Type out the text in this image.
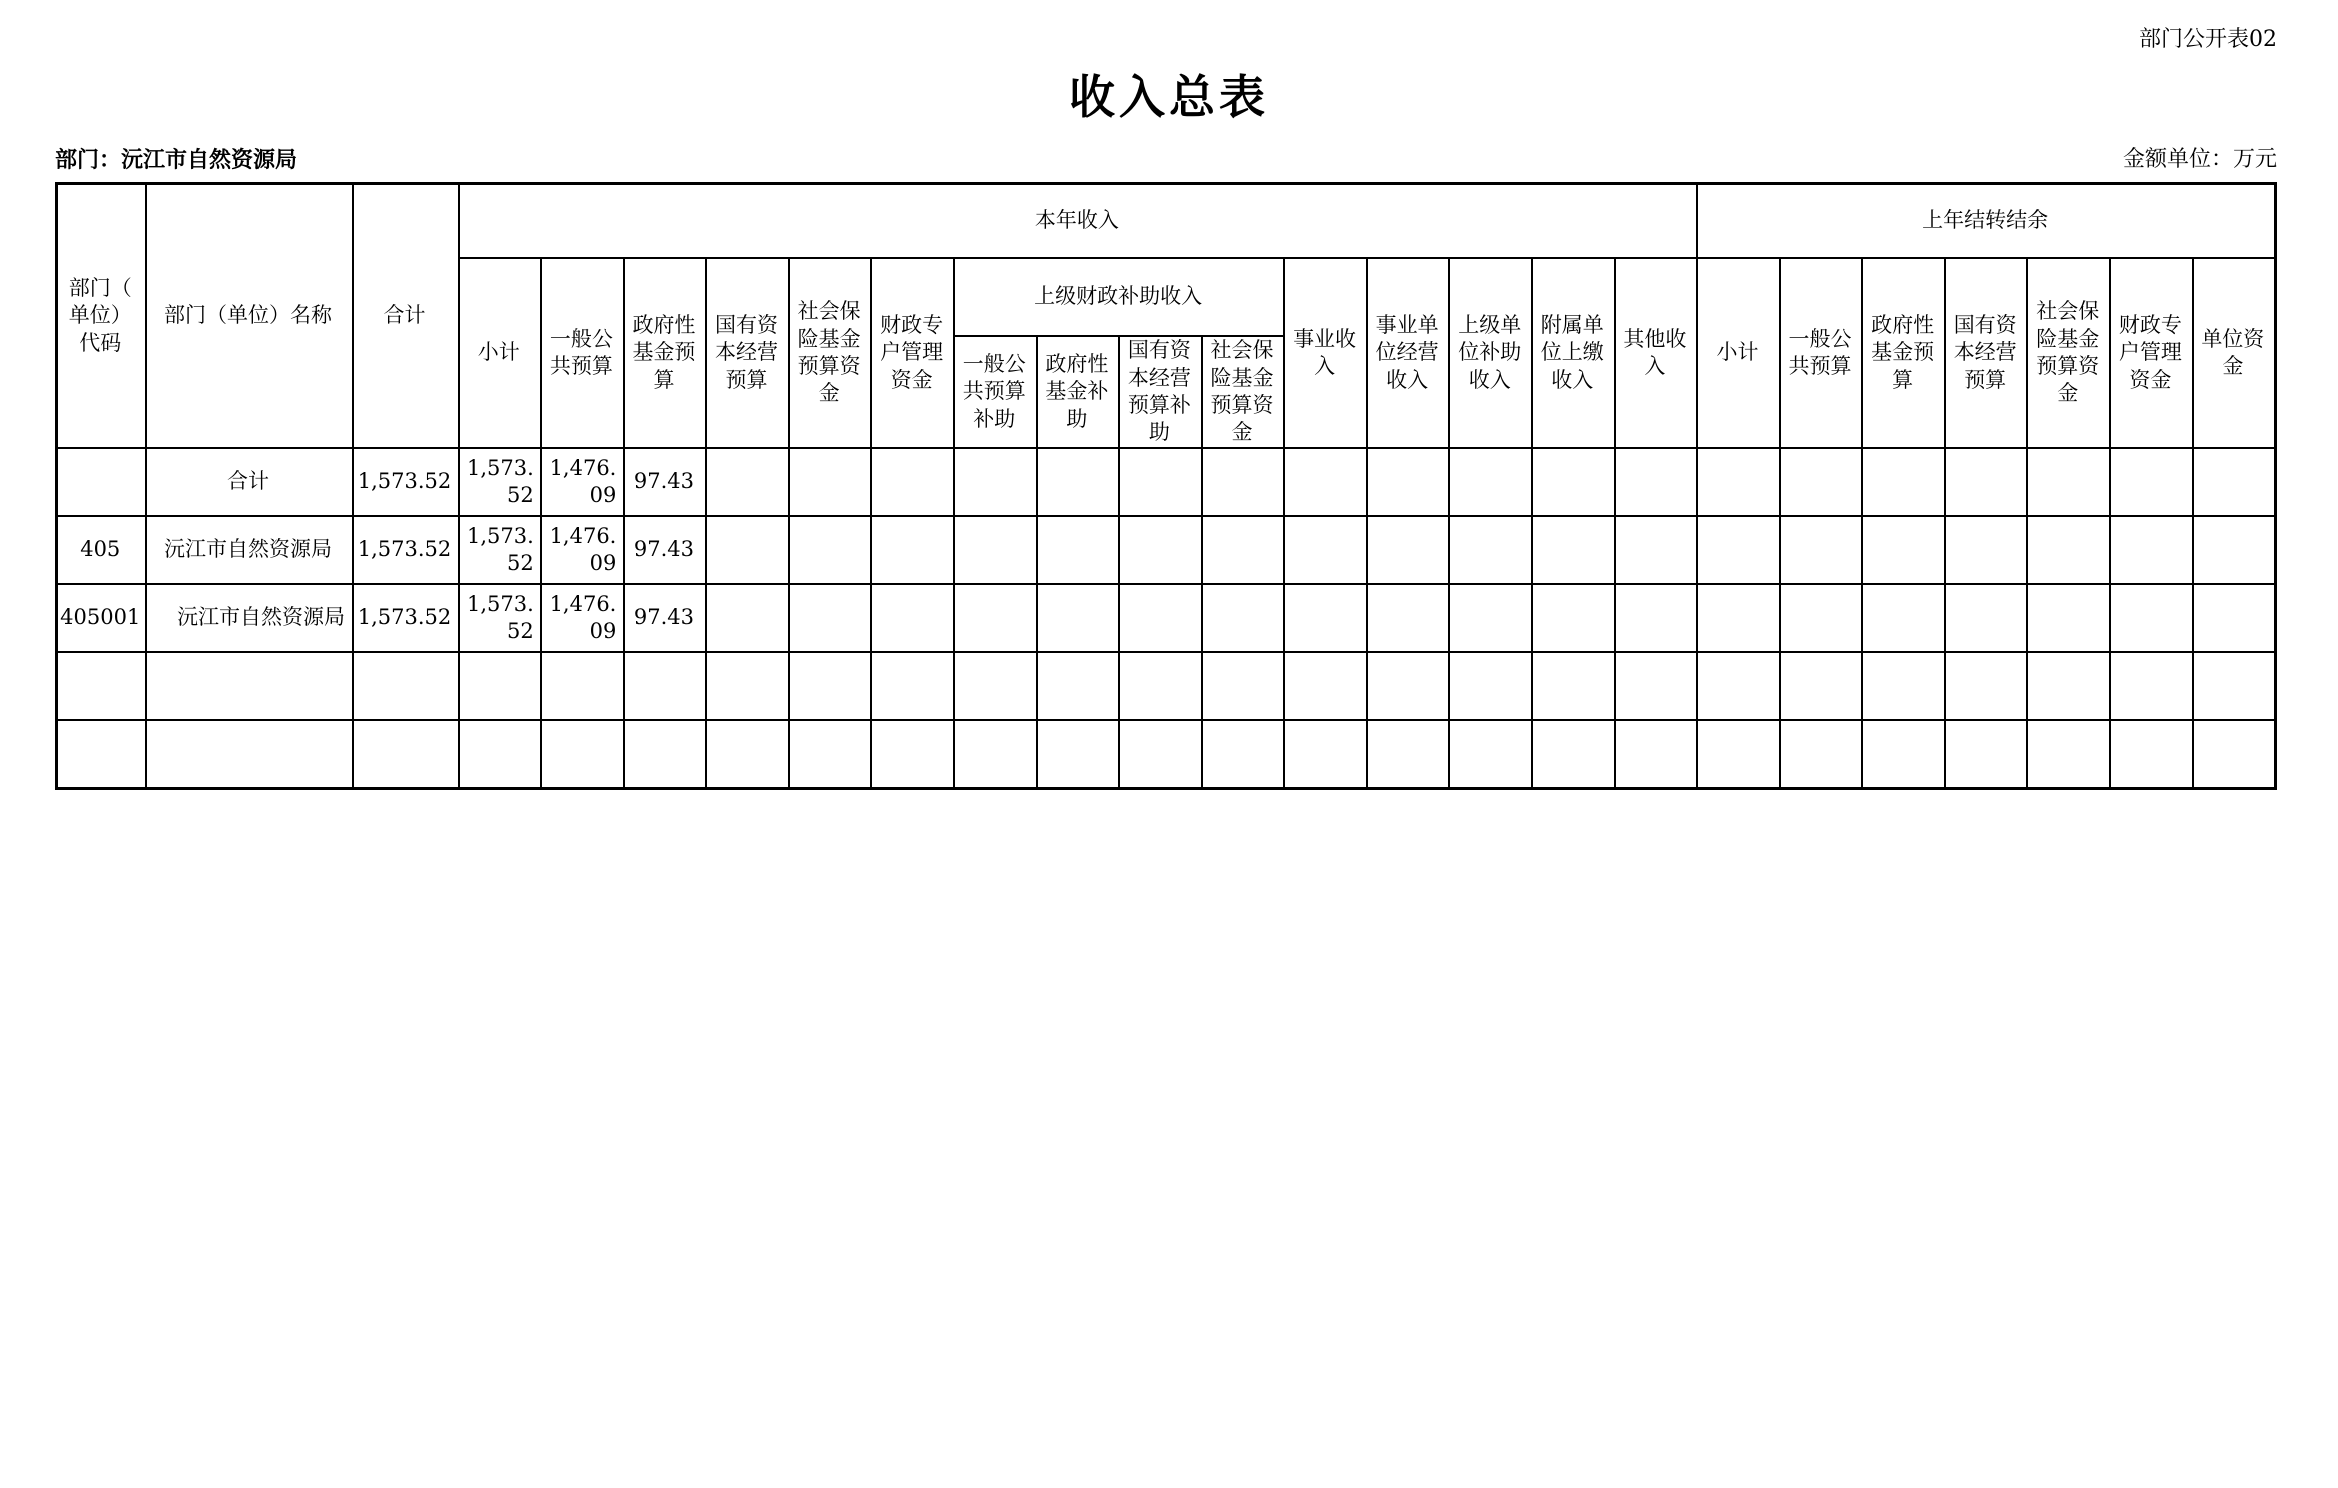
部门公开表02
收入总表
部门：沅江市自然资源局	金额单位：万元
部门（单位）代码	部门（单位）名称	合计	本年收入															上年结转结余						
			小计	一般公共预算	政府性基金预算	国有资本经营预算	社会保险基金预算资金	财政专户管理资金	上级财政补助收入				事业收入	事业单位经营收入	上级单位补助收入	附属单位上缴收入	其他收入	小计	一般公共预算	政府性基金预算	国有资本经营预算	社会保险基金预算资金	财政专户管理资金	单位资金
									一般公共预算补助	政府性基金补助	国有资本经营预算补助	社会保险基金预算资金												
	合计	1,573.52	1,573.52	1,476.09	97.43																			
405	沅江市自然资源局	1,573.52	1,573.52	1,476.09	97.43																			
405001	沅江市自然资源局	1,573.52	1,573.52	1,476.09	97.43																			
